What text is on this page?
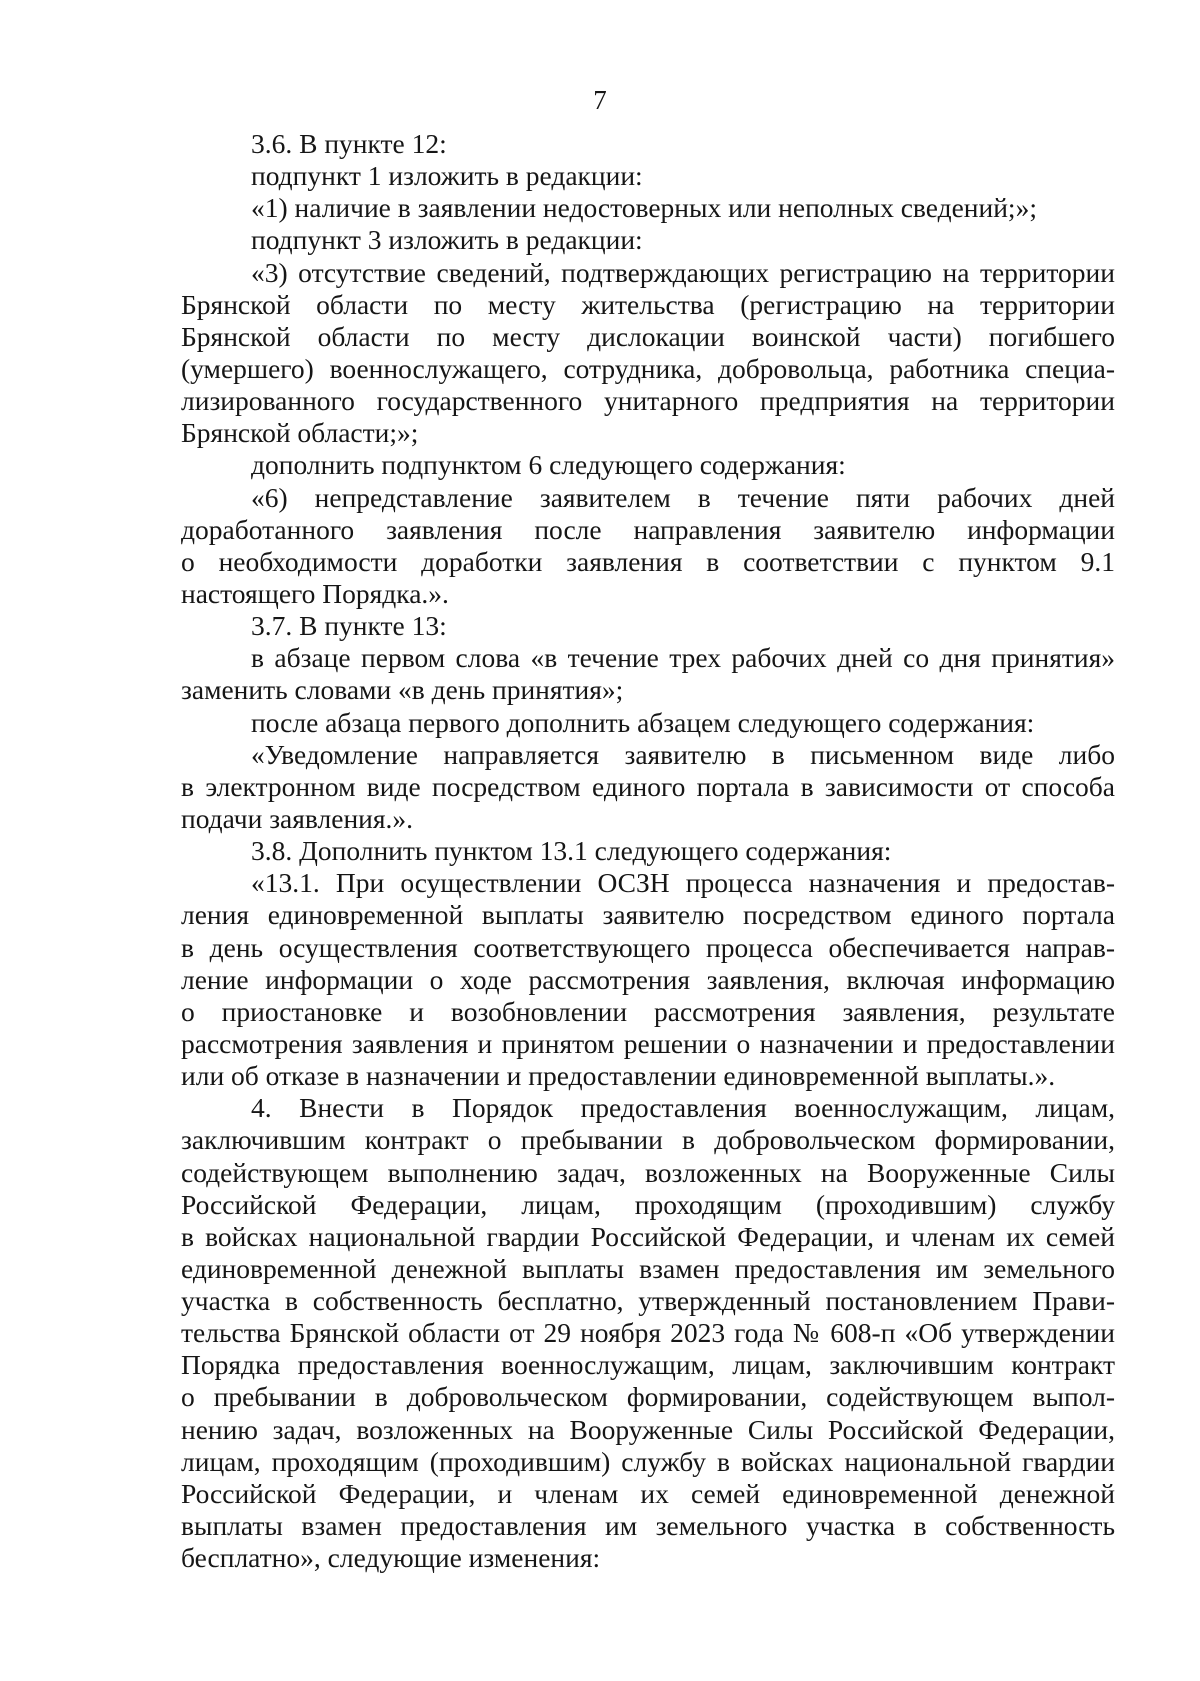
7
3.6. В пункте 12:
подпункт 1 изложить в редакции:
«1) наличие в заявлении недостоверных или неполных сведений;»;
подпункт 3 изложить в редакции:
«3) отсутствие сведений, подтверждающих регистрацию на территории
Брянской области по месту жительства (регистрацию на территории
Брянской области по месту дислокации воинской части) погибшего
(умершего) военнослужащего, сотрудника, добровольца, работника специа-
лизированного государственного унитарного предприятия на территории
Брянской области;»;
дополнить подпунктом 6 следующего содержания:
«6) непредставление заявителем в течение пяти рабочих дней
доработанного заявления после направления заявителю информации
о необходимости доработки заявления в соответствии с пунктом 9.1
настоящего Порядка.».
3.7. В пункте 13:
в абзаце первом слова «в течение трех рабочих дней со дня принятия»
заменить словами «в день принятия»;
после абзаца первого дополнить абзацем следующего содержания:
«Уведомление направляется заявителю в письменном виде либо
в электронном виде посредством единого портала в зависимости от способа
подачи заявления.».
3.8. Дополнить пунктом 13.1 следующего содержания:
«13.1. При осуществлении ОСЗН процесса назначения и предостав-
ления единовременной выплаты заявителю посредством единого портала
в день осуществления соответствующего процесса обеспечивается направ-
ление информации о ходе рассмотрения заявления, включая информацию
о приостановке и возобновлении рассмотрения заявления, результате
рассмотрения заявления и принятом решении о назначении и предоставлении
или об отказе в назначении и предоставлении единовременной выплаты.».
4. Внести в Порядок предоставления военнослужащим, лицам,
заключившим контракт о пребывании в добровольческом формировании,
содействующем выполнению задач, возложенных на Вооруженные Силы
Российской Федерации, лицам, проходящим (проходившим) службу
в войсках национальной гвардии Российской Федерации, и членам их семей
единовременной денежной выплаты взамен предоставления им земельного
участка в собственность бесплатно, утвержденный постановлением Прави-
тельства Брянской области от 29 ноября 2023 года № 608-п «Об утверждении
Порядка предоставления военнослужащим, лицам, заключившим контракт
о пребывании в добровольческом формировании, содействующем выпол-
нению задач, возложенных на Вооруженные Силы Российской Федерации,
лицам, проходящим (проходившим) службу в войсках национальной гвардии
Российской Федерации, и членам их семей единовременной денежной
выплаты взамен предоставления им земельного участка в собственность
бесплатно», следующие изменения:
